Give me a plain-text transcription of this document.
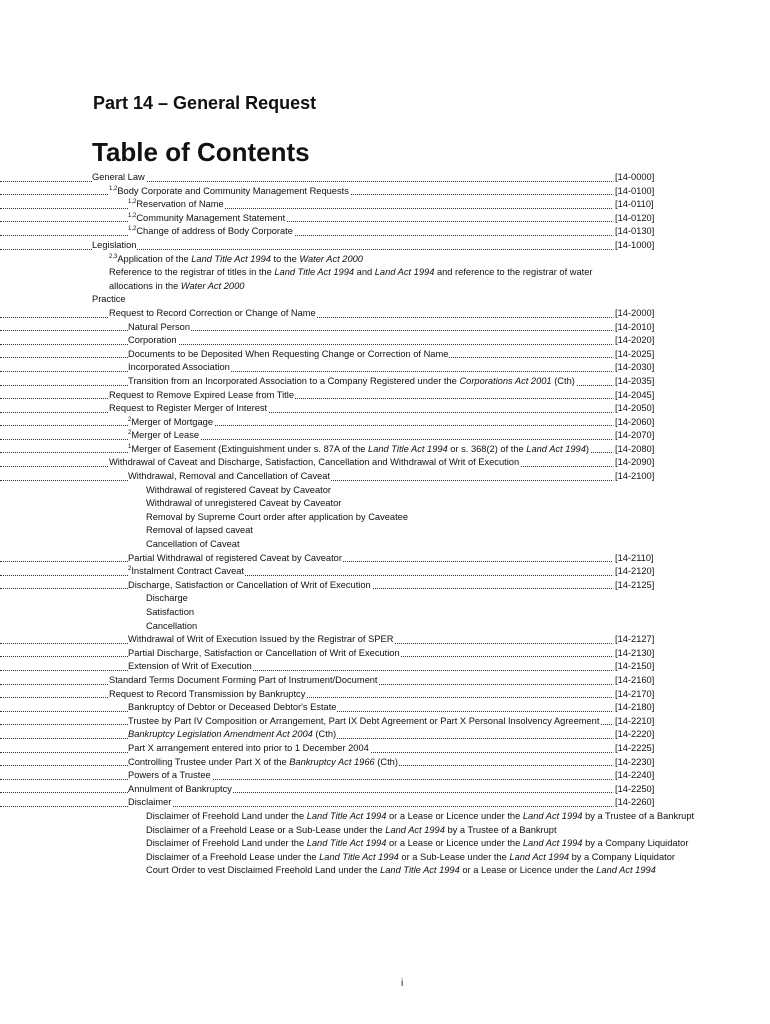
Part 14 – General Request
Table of Contents
General Law	[14-0000]
$^{1,2}$Body Corporate and Community Management Requests	[14-0100]
$^{1,2}$Reservation of Name	[14-0110]
$^{1,2}$Community Management Statement	[14-0120]
$^{1,2}$Change of address of Body Corporate	[14-0130]
Legislation	[14-1000]
$^{2,3}$Application of the Land Title Act 1994 to the Water Act 2000
Reference to the registrar of titles in the Land Title Act 1994 and Land Act 1994 and reference to the registrar of water allocations in the Water Act 2000
Practice
Request to Record Correction or Change of Name	[14-2000]
Natural Person	[14-2010]
Corporation	[14-2020]
Documents to be Deposited When Requesting Change or Correction of Name	[14-2025]
Incorporated Association	[14-2030]
Transition from an Incorporated Association to a Company Registered under the Corporations Act 2001 (Cth)	[14-2035]
Request to Remove Expired Lease from Title	[14-2045]
Request to Register Merger of Interest	[14-2050]
$^2$Merger of Mortgage	[14-2060]
$^2$Merger of Lease	[14-2070]
$^1$Merger of Easement (Extinguishment under s. 87A of the Land Title Act 1994 or s. 368(2) of the Land Act 1994)	[14-2080]
Withdrawal of Caveat and Discharge, Satisfaction, Cancellation and Withdrawal of Writ of Execution	[14-2090]
Withdrawal, Removal and Cancellation of Caveat	[14-2100]
Withdrawal of registered Caveat by Caveator
Withdrawal of unregistered Caveat by Caveator
Removal by Supreme Court order after application by Caveatee
Removal of lapsed caveat
Cancellation of Caveat
Partial Withdrawal of registered Caveat by Caveator	[14-2110]
$^2$Instalment Contract Caveat	[14-2120]
Discharge, Satisfaction or Cancellation of Writ of Execution	[14-2125]
Discharge
Satisfaction
Cancellation
Withdrawal of Writ of Execution Issued by the Registrar of SPER	[14-2127]
Partial Discharge, Satisfaction or Cancellation of Writ of Execution	[14-2130]
Extension of Writ of Execution	[14-2150]
Standard Terms Document Forming Part of Instrument/Document	[14-2160]
Request to Record Transmission by Bankruptcy	[14-2170]
Bankruptcy of Debtor or Deceased Debtor's Estate	[14-2180]
Trustee by Part IV Composition or Arrangement, Part IX Debt Agreement or Part X Personal Insolvency Agreement [14-2210]
Bankruptcy Legislation Amendment Act 2004 (Cth)	[14-2220]
Part X arrangement entered into prior to 1 December 2004	[14-2225]
Controlling Trustee under Part X of the Bankruptcy Act 1966 (Cth)	[14-2230]
Powers of a Trustee	[14-2240]
Annulment of Bankruptcy	[14-2250]
Disclaimer	[14-2260]
Disclaimer of Freehold Land under the Land Title Act 1994 or a Lease or Licence under the Land Act 1994 by a Trustee of a Bankrupt
Disclaimer of a Freehold Lease or a Sub-Lease under the Land Act 1994 by a Trustee of a Bankrupt
Disclaimer of Freehold Land under the Land Title Act 1994 or a Lease or Licence under the Land Act 1994 by a Company Liquidator
Disclaimer of a Freehold Lease under the Land Title Act 1994 or a Sub-Lease under the Land Act 1994 by a Company Liquidator
Court Order to vest Disclaimed Freehold Land under the Land Title Act 1994 or a Lease or Licence under the Land Act 1994
i
